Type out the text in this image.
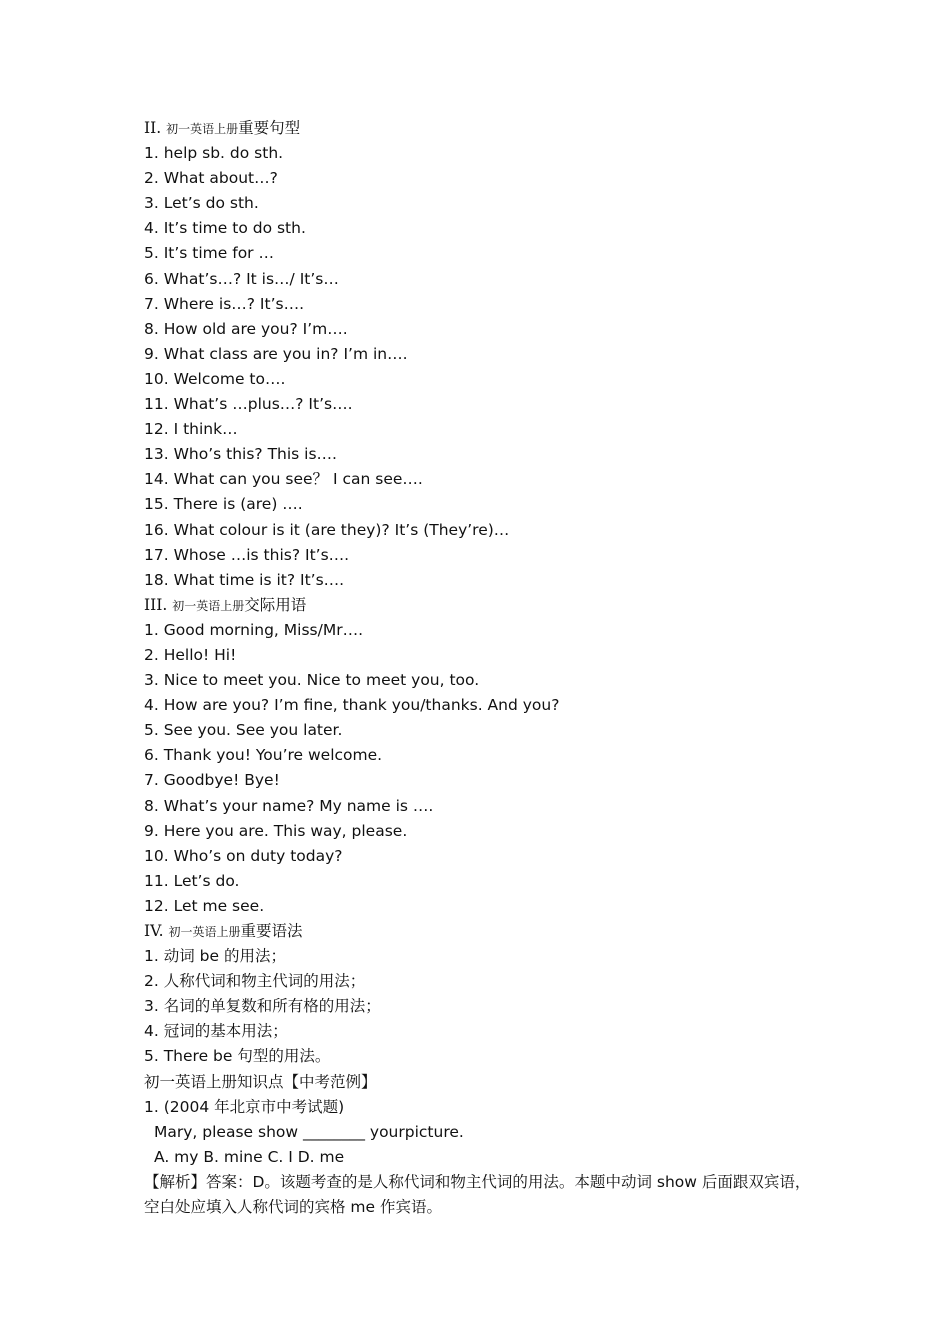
II. 初一英语上册重要句型
1. help sb. do sth.
2. What about…?
3. Let’s do sth.
4. It’s time to do sth.
5. It’s time for …
6. What’s…? It is…/ It’s…
7. Where is…? It’s….
8. How old are you? I’m….
9. What class are you in? I’m in….
10. Welcome to….
11. What’s …plus…? It’s….
12. I think…
13. Who’s this? This is….
14. What can you see？ I can see….
15. There is (are) ….
16. What colour is it (are they)? It’s (They’re)…
17. Whose …is this? It’s….
18. What time is it? It’s….
III. 初一英语上册交际用语
1. Good morning, Miss/Mr….
2. Hello! Hi!
3. Nice to meet you. Nice to meet you, too.
4. How are you? I’m fine, thank you/thanks. And you?
5. See you. See you later.
6. Thank you! You’re welcome.
7. Goodbye! Bye!
8. What’s your name? My name is ….
9. Here you are. This way, please.
10. Who’s on duty today?
11. Let’s do.
12. Let me see.
IV. 初一英语上册重要语法
1. 动词 be 的用法；
2. 人称代词和物主代词的用法；
3. 名词的单复数和所有格的用法；
4. 冠词的基本用法；
5. There be 句型的用法。
初一英语上册知识点【中考范例】
1. (2004 年北京市中考试题)
Mary, please show ________ yourpicture.
A. my B. mine C. I D. me
【解析】答案：D。该题考查的是人称代词和物主代词的用法。本题中动词 show 后面跟双宾语，空白处应填入人称代词的宾格 me 作宾语。
